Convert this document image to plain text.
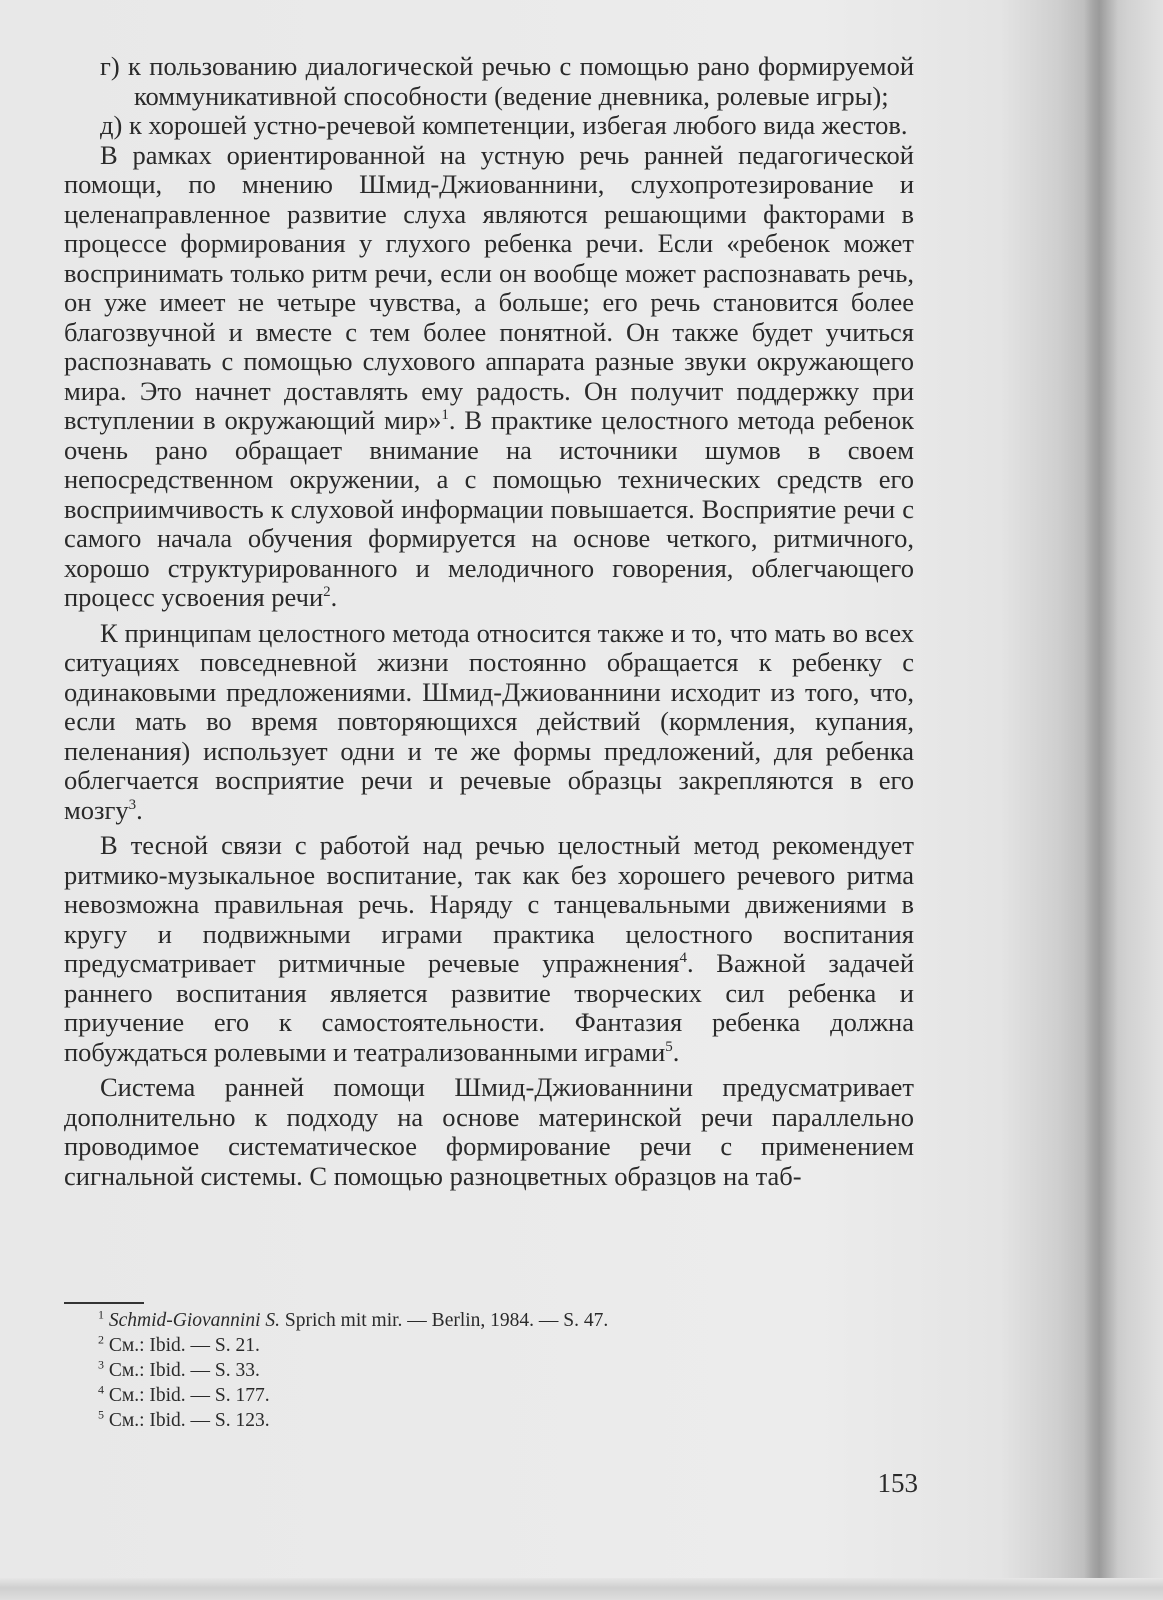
г) к пользованию диалогической речью с помощью рано формируемой коммуникативной способности (ведение дневника, ролевые игры);

д) к хорошей устно-речевой компетенции, избегая любого вида жестов.

В рамках ориентированной на устную речь ранней педагогической помощи, по мнению Шмид-Джиованнини, слухопротезирование и целенаправленное развитие слуха являются решающими факторами в процессе формирования у глухого ребенка речи. Если «ребенок может воспринимать только ритм речи, если он вообще может распознавать речь, он уже имеет не четыре чувства, а больше; его речь становится более благозвучной и вместе с тем более понятной. Он также будет учиться распознавать с помощью слухового аппарата разные звуки окружающего мира. Это начнет доставлять ему радость. Он получит поддержку при вступлении в окружающий мир»$^1$. В практике целостного метода ребенок очень рано обращает внимание на источники шумов в своем непосредственном окружении, а с помощью технических средств его восприимчивость к слуховой информации повышается. Восприятие речи с самого начала обучения формируется на основе четкого, ритмичного, хорошо структурированного и мелодичного говорения, облегчающего процесс усвоения речи$^2$.

К принципам целостного метода относится также и то, что мать во всех ситуациях повседневной жизни постоянно обращается к ребенку с одинаковыми предложениями. Шмид-Джиованнини исходит из того, что, если мать во время повторяющихся действий (кормления, купания, пеленания) использует одни и те же формы предложений, для ребенка облегчается восприятие речи и речевые образцы закрепляются в его мозгу$^3$.

В тесной связи с работой над речью целостный метод рекомендует ритмико-музыкальное воспитание, так как без хорошего речевого ритма невозможна правильная речь. Наряду с танцевальными движениями в кругу и подвижными играми практика целостного воспитания предусматривает ритмичные речевые упражнения$^4$. Важной задачей раннего воспитания является развитие творческих сил ребенка и приучение его к самостоятельности. Фантазия ребенка должна побуждаться ролевыми и театрализованными играми$^5$.

Система ранней помощи Шмид-Джиованнини предусматривает дополнительно к подходу на основе материнской речи параллельно проводимое систематическое формирование речи с применением сигнальной системы. С помощью разноцветных образцов на таб-

$^1$ Schmid-Giovannini S. Sprich mit mir. — Berlin, 1984. — S. 47.

$^2$ См.: Ibid. — S. 21.

$^3$ См.: Ibid. — S. 33.

$^4$ См.: Ibid. — S. 177.

$^5$ См.: Ibid. — S. 123.

153
